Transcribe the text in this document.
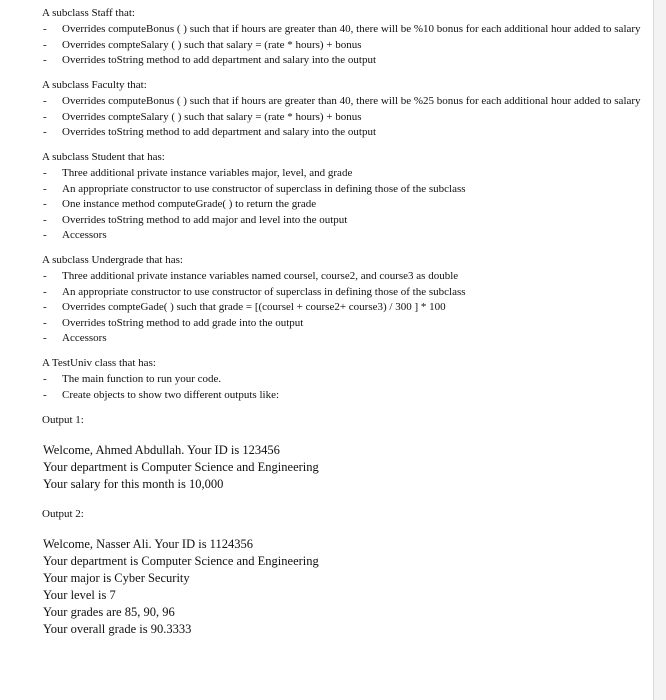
A subclass Staff that:
- Overrides computeBonus ( ) such that if hours are greater than 40, there will be %10 bonus for each additional hour added to salary
- Overrides compteSalary ( ) such that salary = (rate * hours) + bonus
- Overrides toString method to add department and salary into the output
A subclass Faculty that:
- Overrides computeBonus ( ) such that if hours are greater than 40, there will be %25 bonus for each additional hour added to salary
- Overrides compteSalary ( ) such that salary = (rate * hours) + bonus
- Overrides toString method to add department and salary into the output
A subclass Student that has:
- Three additional private instance variables major, level, and grade
- An appropriate constructor to use constructor of superclass in defining those of the subclass
- One instance method computeGrade( ) to return the grade
- Overrides toString method to add major and level into the output
- Accessors
A subclass Undergrade that has:
- Three additional private instance variables named coursel, course2, and course3 as double
- An appropriate constructor to use constructor of superclass in defining those of the subclass
- Overrides compteGade( ) such that grade = [(coursel + course2+ course3) / 300 ] * 100
- Overrides toString method to add grade into the output
- Accessors
A TestUniv class that has:
- The main function to run your code.
- Create objects to show two different outputs like:
Output 1:
Welcome, Ahmed Abdullah. Your ID is 123456
Your department is Computer Science and Engineering
Your salary for this month is 10,000
Output 2:
Welcome, Nasser Ali. Your ID is 1124356
Your department is Computer Science and Engineering
Your major is Cyber Security
Your level is 7
Your grades are 85, 90, 96
Your overall grade is 90.3333
